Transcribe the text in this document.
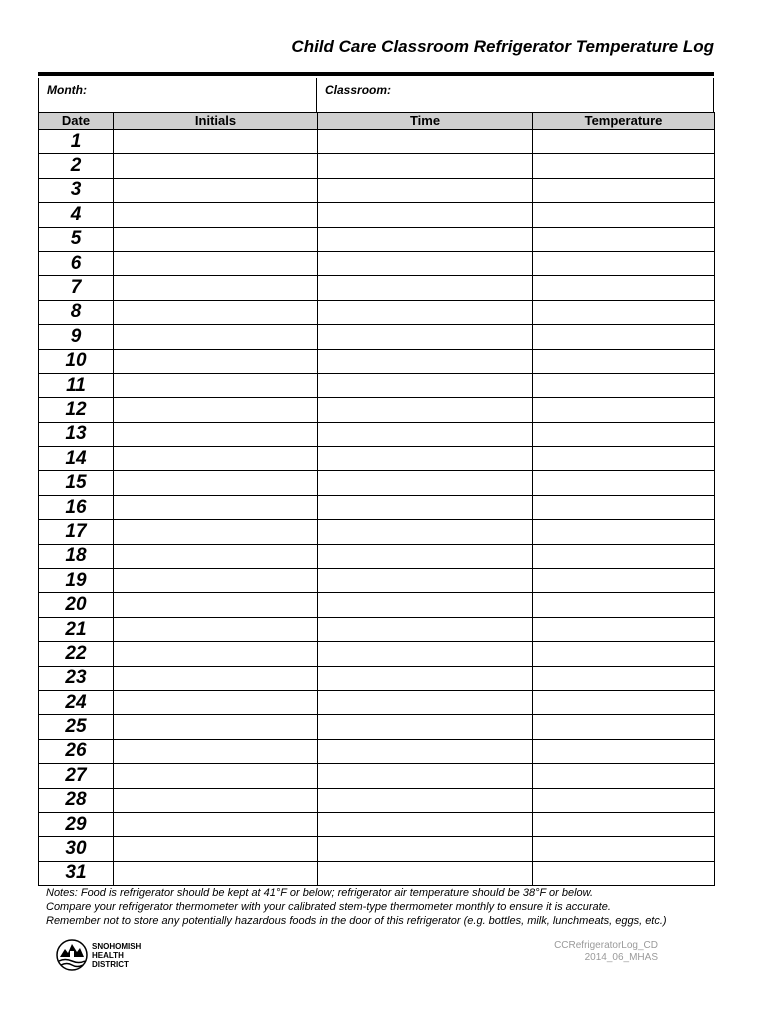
Child Care Classroom Refrigerator Temperature Log
Month:	Classroom:
Date	Initials	Time	Temperature
1			
2			
3			
4			
5			
6			
7			
8			
9			
10			
11			
12			
13			
14			
15			
16			
17			
18			
19			
20			
21			
22			
23			
24			
25			
26			
27			
28			
29			
30			
31			
Notes: Food is refrigerator should be kept at 41°F or below; refrigerator air temperature should be 38°F or below.
Compare your refrigerator thermometer with your calibrated stem-type thermometer monthly to ensure it is accurate.
Remember not to store any potentially hazardous foods in the door of this refrigerator (e.g. bottles, milk, lunchmeats, eggs, etc.)
SNOHOMISH
HEALTH
DISTRICT
CCRefrigeratorLog_CD
2014_06_MHAS
